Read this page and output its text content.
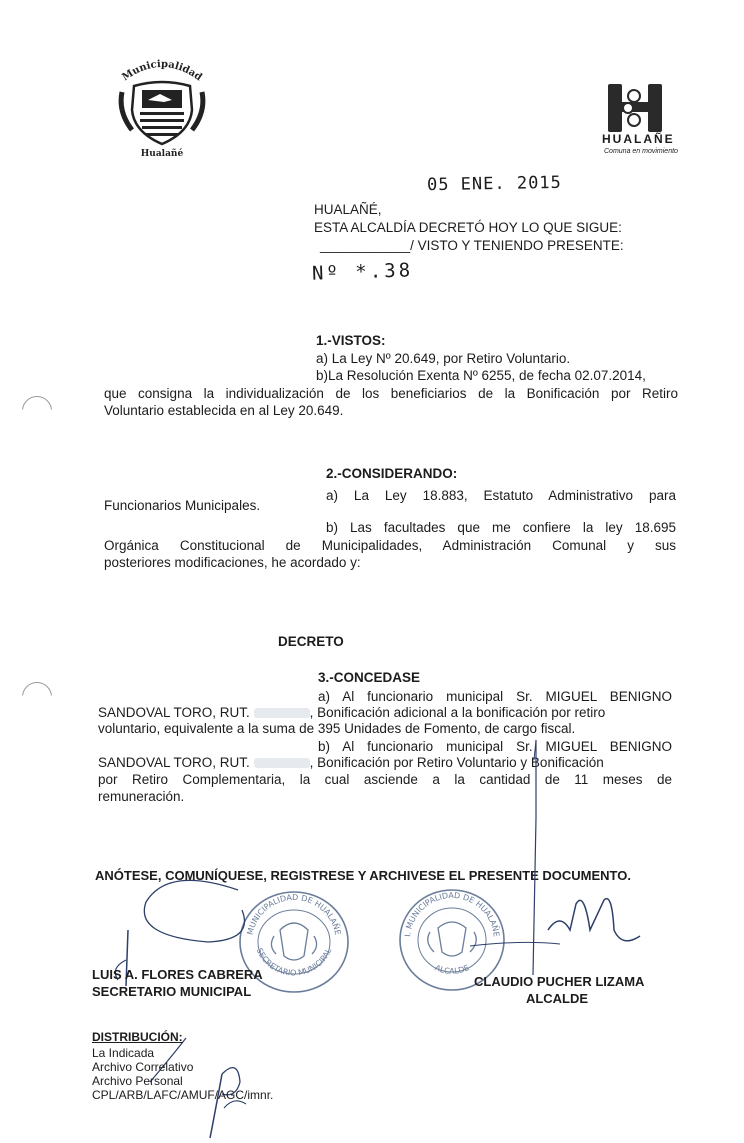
Municipalidad
Hualañé
HUALAÑE
Comuna en movimiento
05 ENE. 2015
HUALAÑÉ,
ESTA ALCALDÍA DECRETÓ HOY LO QUE SIGUE:
____________/ VISTO Y TENIENDO PRESENTE:
Nº *.38
1.-VISTOS:
a) La Ley Nº 20.649, por Retiro Voluntario.
b)La Resolución Exenta Nº 6255, de fecha 02.07.2014,
que consigna la individualización de los beneficiarios de la Bonificación por Retiro
Voluntario establecida en al Ley 20.649.
2.-CONSIDERANDO:
a) La Ley 18.883, Estatuto Administrativo para
Funcionarios Municipales.
b) Las facultades que me confiere la ley 18.695
Orgánica Constitucional de Municipalidades, Administración Comunal y sus
posteriores modificaciones, he acordado y:
DECRETO
3.-CONCEDASE
a) Al funcionario municipal Sr. MIGUEL BENIGNO
SANDOVAL TORO, RUT.	, Bonificación adicional a la bonificación por retiro
voluntario, equivalente a la suma de 395 Unidades de Fomento, de cargo fiscal.
b) Al funcionario municipal Sr. MIGUEL BENIGNO
SANDOVAL TORO, RUT.	, Bonificación por Retiro Voluntario y Bonificación
por Retiro Complementaria, la cual asciende a la cantidad de 11 meses de
remuneración.
ANÓTESE, COMUNÍQUESE, REGISTRESE Y ARCHIVESE EL PRESENTE DOCUMENTO.
MUNICIPALIDAD DE HUALAÑE
SECRETARIO MUNICIPAL
I. MUNICIPALIDAD DE HUALAÑE
ALCALDE
LUIS A. FLORES CABRERA
SECRETARIO MUNICIPAL
CLAUDIO PUCHER LIZAMA
ALCALDE
DISTRIBUCIÓN:
La Indicada
Archivo Correlativo
Archivo Personal
CPL/ARB/LAFC/AMUF/AGC/imnr.
